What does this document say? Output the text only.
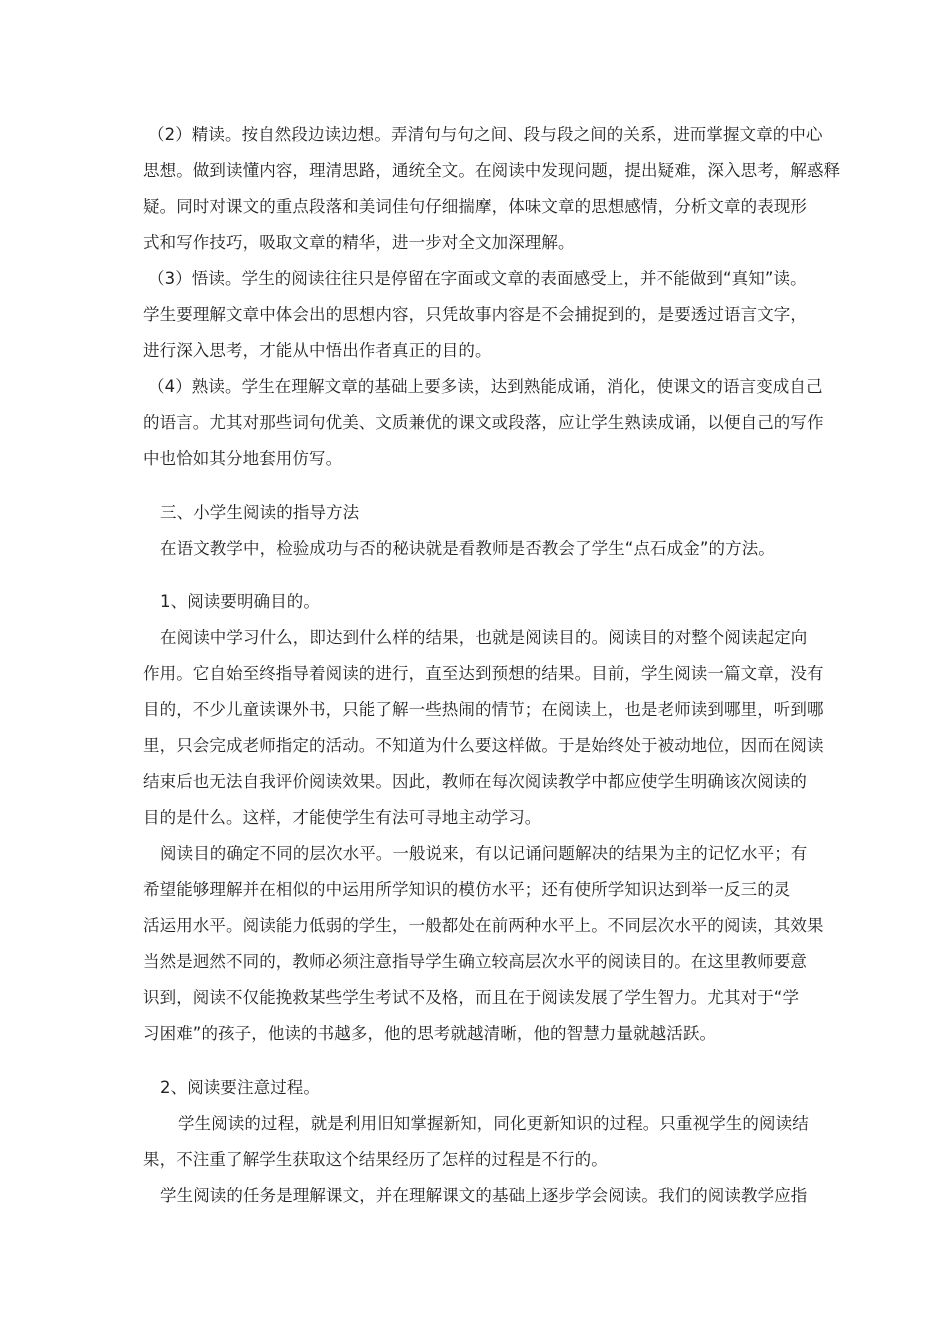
（2）精读。按自然段边读边想。弄清句与句之间、段与段之间的关系，进而掌握文章的中心
思想。做到读懂内容，理清思路，通统全文。在阅读中发现问题，提出疑难，深入思考，解惑释
疑。同时对课文的重点段落和美词佳句仔细揣摩，体味文章的思想感情，分析文章的表现形
式和写作技巧，吸取文章的精华，进一步对全文加深理解。
（3）悟读。学生的阅读往往只是停留在字面或文章的表面感受上，并不能做到“真知”读。
学生要理解文章中体会出的思想内容，只凭故事内容是不会捕捉到的，是要透过语言文字，
进行深入思考，才能从中悟出作者真正的目的。
（4）熟读。学生在理解文章的基础上要多读，达到熟能成诵，消化，使课文的语言变成自己
的语言。尤其对那些词句优美、文质兼优的课文或段落，应让学生熟读成诵，以便自己的写作
中也恰如其分地套用仿写。
三、小学生阅读的指导方法
在语文教学中，检验成功与否的秘诀就是看教师是否教会了学生“点石成金”的方法。
1、阅读要明确目的。
在阅读中学习什么，即达到什么样的结果，也就是阅读目的。阅读目的对整个阅读起定向
作用。它自始至终指导着阅读的进行，直至达到预想的结果。目前，学生阅读一篇文章，没有
目的，不少儿童读课外书，只能了解一些热闹的情节；在阅读上，也是老师读到哪里，听到哪
里，只会完成老师指定的活动。不知道为什么要这样做。于是始终处于被动地位，因而在阅读
结束后也无法自我评价阅读效果。因此，教师在每次阅读教学中都应使学生明确该次阅读的
目的是什么。这样，才能使学生有法可寻地主动学习。
阅读目的确定不同的层次水平。一般说来，有以记诵问题解决的结果为主的记忆水平；有
希望能够理解并在相似的中运用所学知识的模仿水平；还有使所学知识达到举一反三的灵
活运用水平。阅读能力低弱的学生，一般都处在前两种水平上。不同层次水平的阅读，其效果
当然是迥然不同的，教师必须注意指导学生确立较高层次水平的阅读目的。在这里教师要意
识到，阅读不仅能挽救某些学生考试不及格，而且在于阅读发展了学生智力。尤其对于“学
习困难”的孩子，他读的书越多，他的思考就越清晰，他的智慧力量就越活跃。
2、阅读要注意过程。
学生阅读的过程，就是利用旧知掌握新知，同化更新知识的过程。只重视学生的阅读结
果，不注重了解学生获取这个结果经历了怎样的过程是不行的。
学生阅读的任务是理解课文，并在理解课文的基础上逐步学会阅读。我们的阅读教学应指
